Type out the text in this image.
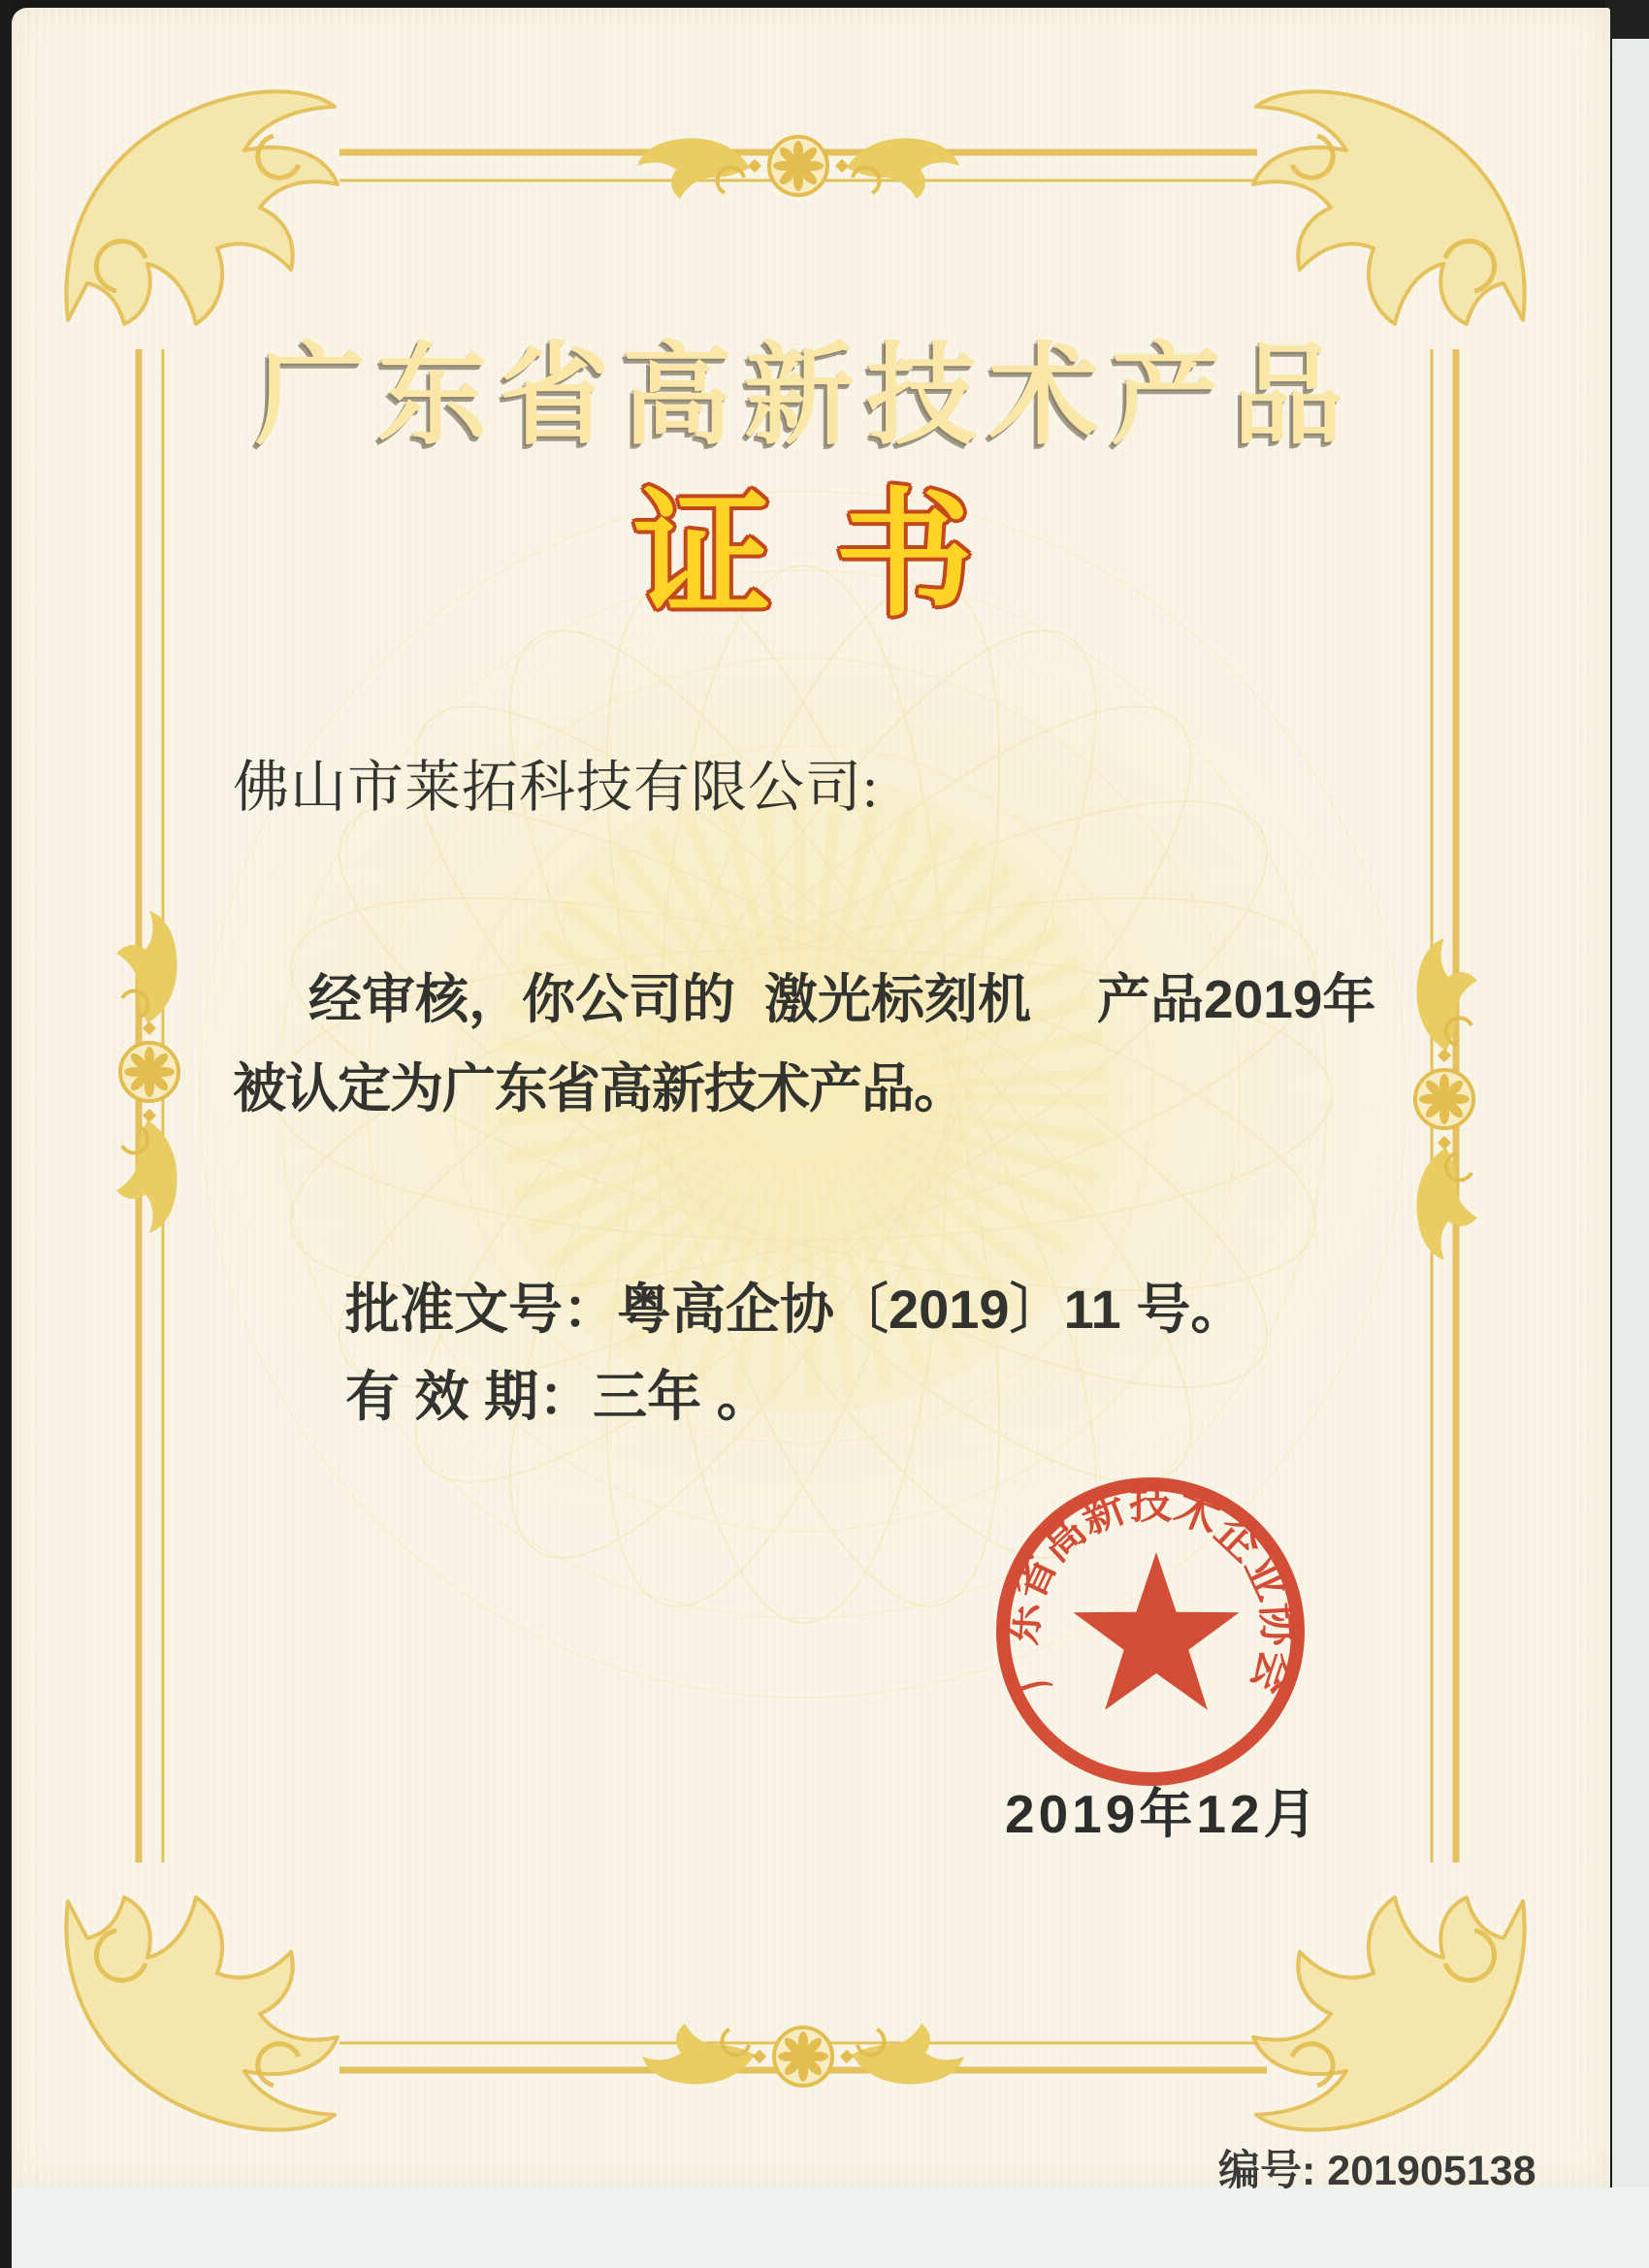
广东省高新技术企业协会
广东省高新技术产品
证书
佛山市莱拓科技有限公司:
经审核，你公司的 激光标刻机 产品2019年
被认定为广东省高新技术产品。
批准文号：粤高企协〔2019〕11 号。
有 效 期：三年 。
2019年12月
编号: 201905138
